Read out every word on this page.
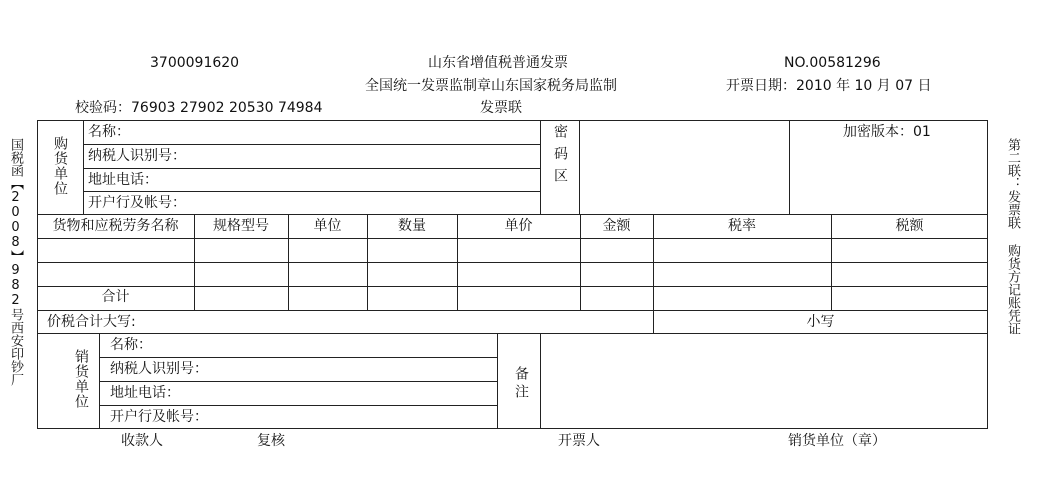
3700091620	山东省增值税普通发票	NO.00581296
全国统一发票监制章山东国家税务局监制	开票日期：2010 年 10 月 07 日
校验码：76903 27902 20530 74984	发票联
国税函【2008】982号西安印钞厂	第二联：发票联 购货方记账凭证
购货单位
名称：
纳税人识别号：
地址电话：
开户行及帐号：
密码区	加密版本：01
货物和应税劳务名称	规格型号	单位	数量	单价	金额	税率	税额
合计
价税合计大写:	小写
销货单位
名称：
纳税人识别号：
地址电话：
开户行及帐号：
备注
收款人	复核	开票人	销货单位（章）
